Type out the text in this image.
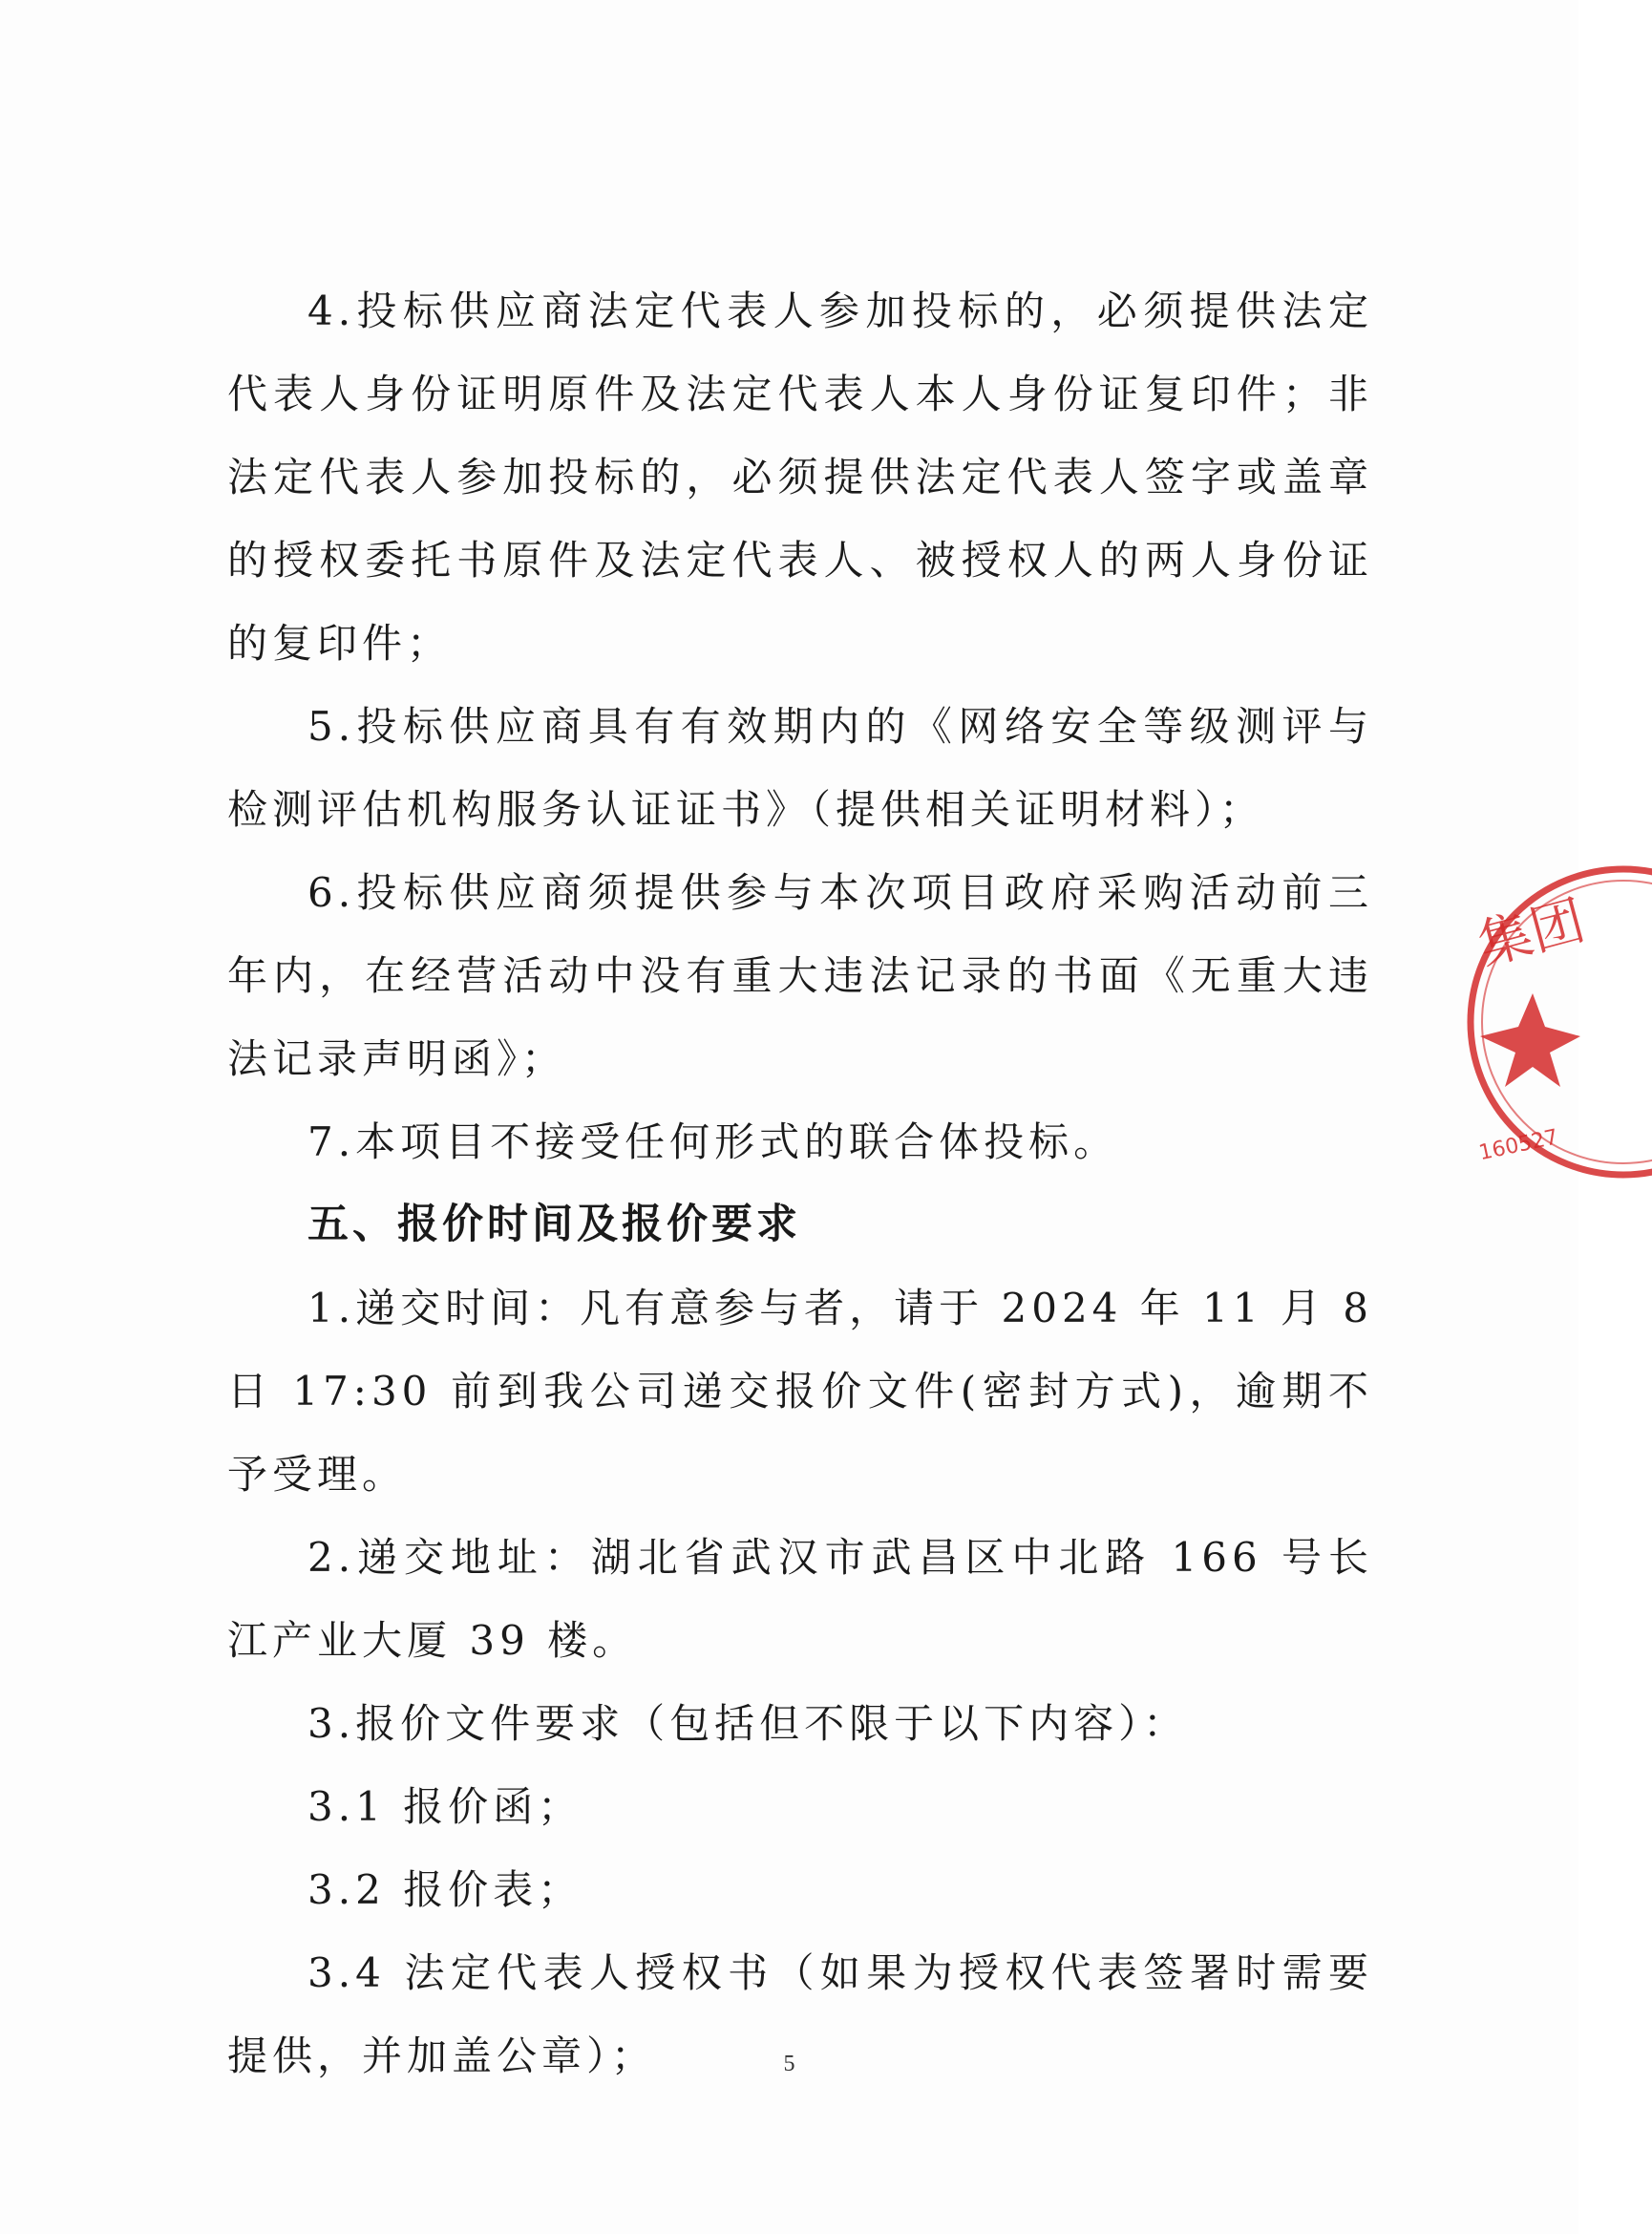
4.投标供应商法定代表人参加投标的，必须提供法定代表人身份证明原件及法定代表人本人身份证复印件；非法定代表人参加投标的，必须提供法定代表人签字或盖章的授权委托书原件及法定代表人、被授权人的两人身份证的复印件；

5.投标供应商具有有效期内的《网络安全等级测评与检测评估机构服务认证证书》（提供相关证明材料）；

6.投标供应商须提供参与本次项目政府采购活动前三年内，在经营活动中没有重大违法记录的书面《无重大违法记录声明函》；

7.本项目不接受任何形式的联合体投标。

五、报价时间及报价要求

1.递交时间：凡有意参与者，请于 2024 年 11 月 8 日 17:30 前到我公司递交报价文件(密封方式)，逾期不予受理。

2.递交地址：湖北省武汉市武昌区中北路 166 号长江产业大厦 39 楼。

3.报价文件要求（包括但不限于以下内容）：

3.1 报价函；

3.2 报价表；

3.4 法定代表人授权书（如果为授权代表签署时需要提供，并加盖公章）；	5
集团
160527
